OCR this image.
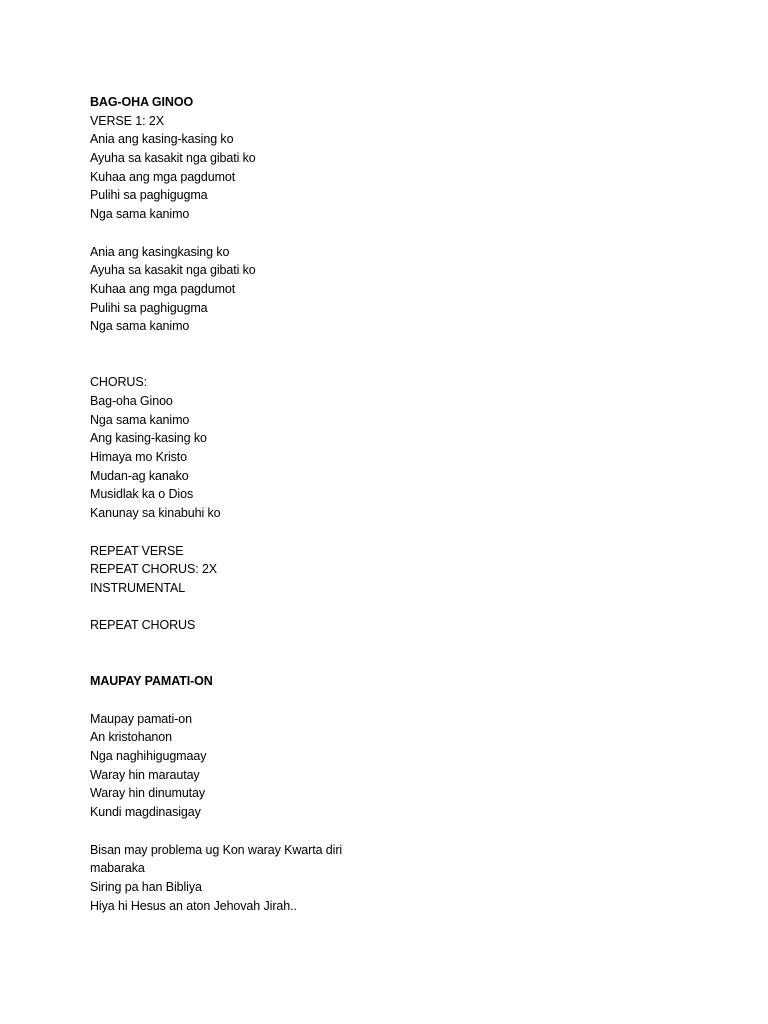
BAG-OHA GINOO
VERSE 1: 2X
Ania ang kasing-kasing ko
Ayuha sa kasakit nga gibati ko
Kuhaa ang mga pagdumot
Pulihi sa paghigugma
Nga sama kanimo
Ania ang kasingkasing ko
Ayuha sa kasakit nga gibati ko
Kuhaa ang mga pagdumot
Pulihi sa paghigugma
Nga sama kanimo
CHORUS:
Bag-oha Ginoo
Nga sama kanimo
Ang kasing-kasing ko
Himaya mo Kristo
Mudan-ag kanako
Musidlak ka o Dios
Kanunay sa kinabuhi ko
REPEAT VERSE
REPEAT CHORUS: 2X
INSTRUMENTAL
REPEAT CHORUS
MAUPAY PAMATI-ON
Maupay pamati-on
An kristohanon
Nga naghihigugmaay
Waray hin marautay
Waray hin dinumutay
Kundi magdinasigay
Bisan may problema ug Kon waray Kwarta diri
mabaraka
Siring pa han Bibliya
Hiya hi Hesus an aton Jehovah Jirah..
